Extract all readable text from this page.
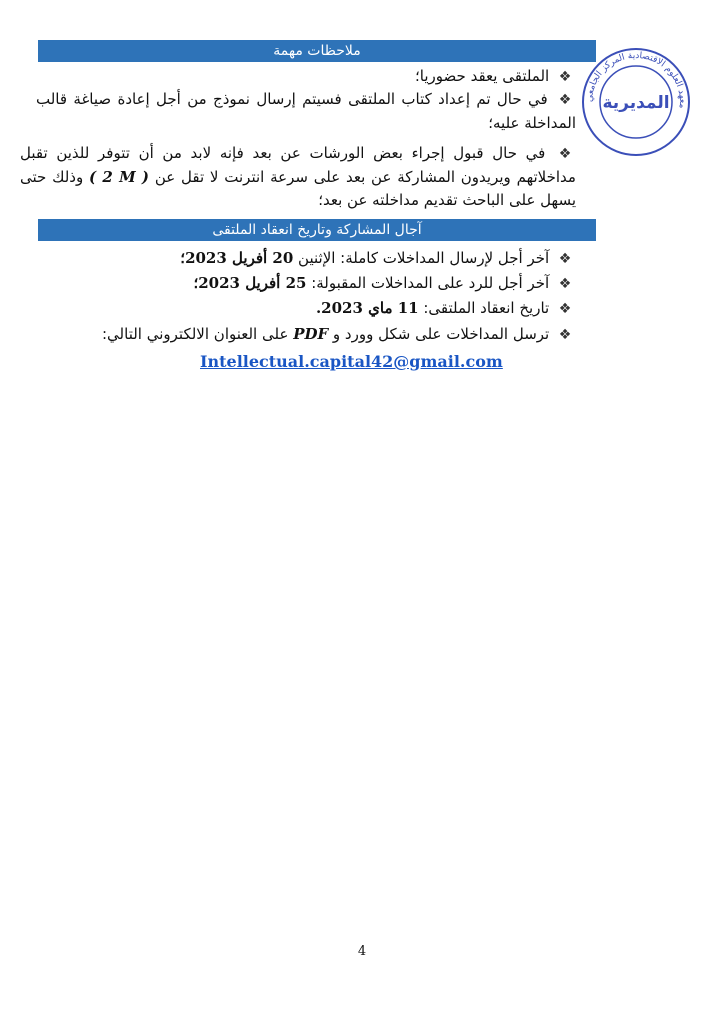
معهد العلوم الاقتصادية المركز الجامعي
المديرية
ملاحظات مهمة
❖ الملتقى يعقد حضوريا؛
❖ في حال تم إعداد كتاب الملتقى فسيتم إرسال نموذج من أجل إعادة صياغة قالب المداخلة عليه؛
❖ في حال قبول إجراء بعض الورشات عن بعد فإنه لابد من أن تتوفر للذين تقبل مداخلاتهم ويريدون المشاركة عن بعد على سرعة انترنت لا تقل عن ( 2 M ) وذلك حتى يسهل على الباحث تقديم مداخلته عن بعد؛
آجال المشاركة وتاريخ انعقاد الملتقى
❖ آخر أجل لإرسال المداخلات كاملة: الإثنين 20 أفريل 2023؛
❖ آخر أجل للرد على المداخلات المقبولة: 25 أفريل 2023؛
❖ تاريخ انعقاد الملتقى: 11 ماي 2023.
❖ ترسل المداخلات على شكل وورد و PDF على العنوان الالكتروني التالي:
Intellectual.capital42@gmail.com
4
